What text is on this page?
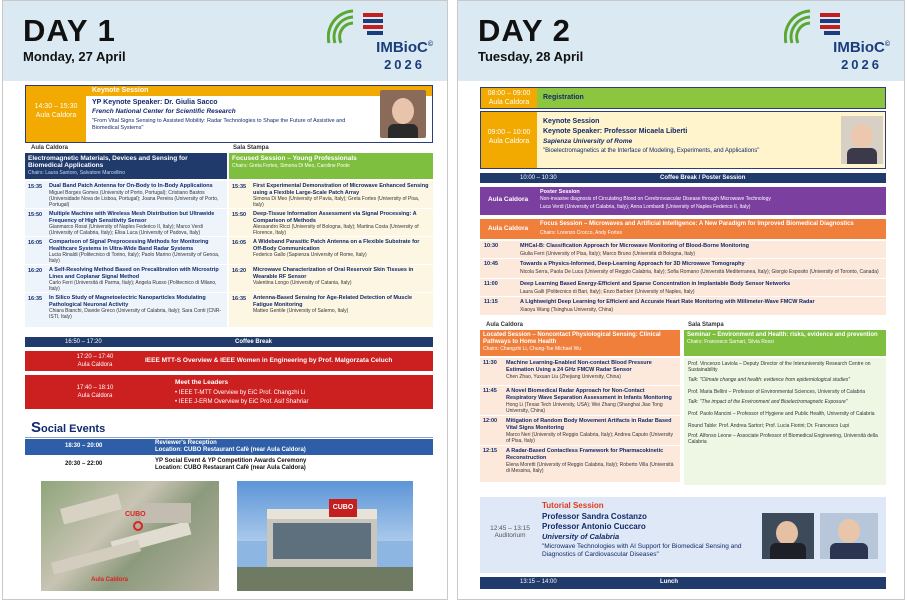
DAY 1
Monday, 27 April
IMBioC©
2026
14:30 – 15:30
Aula Caldora
Keynote Session
YP Keynote Speaker: Dr. Giulia Sacco
French National Center for Scientific Research
"From Vital Signs Sensing to Assisted Mobility: Radar Technologies to Shape the Future of Assistive and Biomedical Systems"
Aula Caldora	Sala Stampa
Electromagnetic Materials, Devices and Sensing for Biomedical Applications
Chairs: Laura Santoro, Salvatore Marcellino
Focused Session – Young Professionals
Chairs: Greta Fortes, Simona Di Meo, Caroline Poole
15:35 Dual Band Patch Antenna for On-Body to In-Body Applications
Miguel Borges Gomes (University of Porto, Portugal); Cristiano Bastos (Universidade Nova de Lisboa, Portugal); Joana Pereira (University of Porto, Portugal)
15:50 Multiple Machine with Wireless Mesh Distribution but Ultrawide Frequency of High Sensitivity Sensor
Gianmarco Rossi (University of Naples Federico II, Italy); Marco Verdi (University of Calabria, Italy); Elisa Luca (University of Padova, Italy)
16:05 Comparison of Signal Preprocessing Methods for Monitoring Healthcare Systems in Ultra-Wide Band Radar Systems
Lucia Rinaldi (Politecnico di Torino, Italy); Paolo Marino (University of Genoa, Italy)
16:20 A Self-Resolving Method Based on Precalibration with Microstrip Lines and Coplanar Signal Method
Carlo Ferri (Università di Parma, Italy); Angela Russo (Politecnico di Milano, Italy)
16:35 In Silico Study of Magnetoelectric Nanoparticles Modulating Pathological Neuronal Activity
Chiara Bianchi, Davide Greco (University of Calabria, Italy); Sara Conti (CNR-ISTI, Italy)
15:35 First Experimental Demonstration of Microwave Enhanced Sensing using a Flexible Large-Scale Patch Array
Simona Di Meo (University of Pavia, Italy); Greta Fortes (University of Pisa, Italy)
15:50 Deep-Tissue Information Assessment via Signal Processing: A Comparison of Methods
Alessandro Ricci (University of Bologna, Italy); Martina Costa (University of Florence, Italy)
16:05 A Wideband Parasitic Patch Antenna on a Flexible Substrate for Off-Body Communication
Federico Gallo (Sapienza University of Rome, Italy)
16:20 Microwave Characterization of Oral Reservoir Skin Tissues in Wearable RF Sensor
Valentina Longo (University of Catania, Italy)
16:35 Antenna-Based Sensing for Age-Related Detection of Muscle Fatigue Monitoring
Matteo Gentile (University of Salerno, Italy)
16:50 – 17:20	Coffee Break
17:20 – 17:40
Aula Caldora
IEEE MTT-S Overview & IEEE Women in Engineering by Prof. Malgorzata Celuch
17:40 – 18:10
Aula Caldora
Meet the Leaders
• IEEE T-MTT Overview by EiC Prof. Changzhi Li
• IEEE J-ERM Overview by EiC Prof. Asif Shahriar
Social Events
18:30 – 20:00	Reviewer's Reception
Location: CUBO Restaurant Cafè (near Aula Caldora)
20:30 – 22:00	YP Social Event & YP Competition Awards Ceremony
Location: CUBO Restaurant Cafè (near Aula Caldora)
CUBO
Aula Caldora
CUBO
DAY 2
Tuesday, 28 April
IMBioC©
2026
08:00 – 09:00
Aula Caldora
Registration
09:00 – 10:00
Aula Caldora
Keynote Session
Keynote Speaker: Professor Micaela Liberti
Sapienza University of Rome
"Bioelectromagnetics at the Interface of Modeling, Experiments, and Applications"
10:00 – 10:30	Coffee Break / Poster Session
Aula Caldora
Poster Session
Non-invasive diagnosis of Circulating Blood on Cerebrovascular Disease through Microwave Technology
Luca Verdi (University of Calabria, Italy); Anna Lombardi (University of Naples Federico II, Italy)
Aula Caldora
Focus Session – Microwaves and Artificial Intelligence: A New Paradigm for Improved Biomedical Diagnostics
Chairs: Lorenzo Crocco, Andy Fortes
10:30	MHCal-B: Classification Approach for Microwave Monitoring of Blood-Borne Monitoring
Giulia Ferri (University of Pisa, Italy); Marco Bruno (Università di Bologna, Italy)
10:45	Towards a Physics-Informed, Deep-Learning Approach for 3D Microwave Tomography
Nicola Serra, Paola De Luca (University of Reggio Calabria, Italy); Sofia Romano (Università Mediterranea, Italy); Giorgio Esposito (University of Toronto, Canada)
11:00	Deep Learning Based Energy-Efficient and Sparse Concentration in Implantable Body Sensor Networks
Laura Galli (Politecnico di Bari, Italy); Enzo Barbieri (University of Naples, Italy)
11:15	A Lightweight Deep Learning for Efficient and Accurate Heart Rate Monitoring with Millimeter-Wave FMCW Radar
Xiaoyu Wang (Tsinghua University, China)
Aula Caldora	Sala Stampa
Located Session – Noncontact Physiological Sensing: Clinical Pathways to Home Health
Chairs: Changzhi Li, Chung-Tse Michael Wu
Seminar – Environment and Health: risks, evidence and prevention
Chairs: Francesco Sarnari, Silvia Rossi
11:30 Machine Learning-Enabled Non-contact Blood Pressure Estimation Using a 24 GHz FMCW Radar Sensor
Chen Zhao, Yuxuan Liu (Zhejiang University, China)
11:45 A Novel Biomedical Radar Approach for Non-Contact Respiratory Wave Separation Assessment in Infants Monitoring
Hong Li (Texas Tech University, USA); Wei Zhang (Shanghai Jiao Tong University, China)
12:00 Mitigation of Random Body Movement Artifacts in Radar Based Vital Signs Monitoring
Marco Neri (University of Reggio Calabria, Italy); Andrea Caputo (University of Pisa, Italy)
12:15 A Radar-Based Contactless Framework for Pharmacokinetic Reconstruction
Elena Moretti (University of Reggio Calabria, Italy); Roberto Villa (Università di Messina, Italy)
Prof. Vincenzo Laviola – Deputy Director of the Interuniversity Research Centre on Sustainability
Talk: "Climate change and health: evidence from epidemiological studies"
Prof. Maria Bellini – Professor of Environmental Sciences, University of Calabria
Talk: "The impact of the Environment and Bioelectromagnetic Exposure"
Prof. Paolo Mancini – Professor of Hygiene and Public Health, University of Calabria
Round Table: Prof. Andrea Sartori; Prof. Lucia Fiorini; Dr. Francesco Lupi
Prof. Alfonso Leone – Associate Professor of Biomedical Engineering, Università della Calabria
12:45 – 13:15
Auditorium
Tutorial Session
Professor Sandra Costanzo
Professor Antonio Cuccaro
University of Calabria
"Microwave Technologies with AI Support for Biomedical Sensing and Diagnostics of Cardiovascular Diseases"
13:15 – 14:00	Lunch
